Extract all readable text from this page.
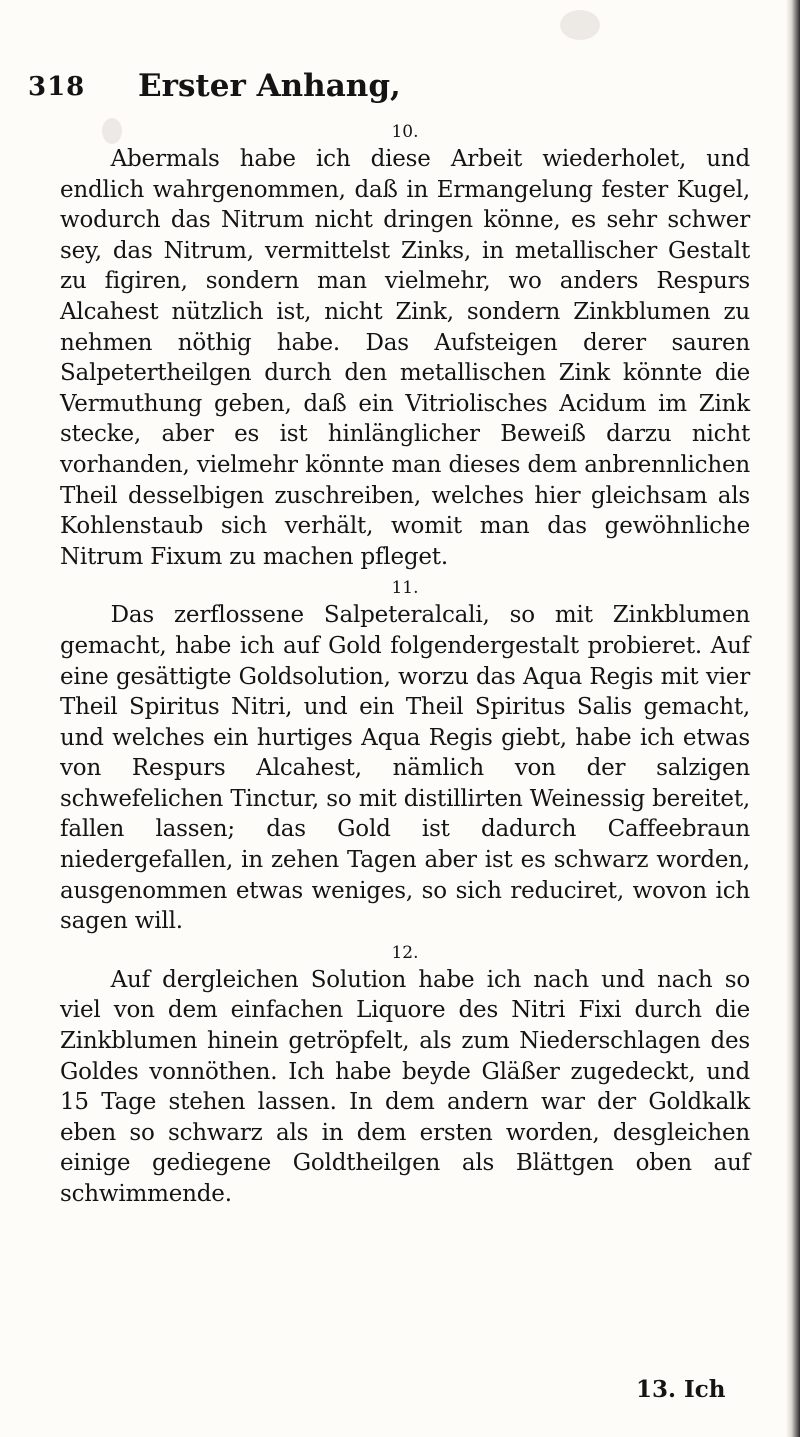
318 Erster Anhang,

10.

Abermals habe ich diese Arbeit wiederholet, und endlich wahrgenommen, daß in Ermangelung fester Kugel, wodurch das Nitrum nicht dringen könne, es sehr schwer sey, das Nitrum, vermittelst Zinks, in metallischer Gestalt zu figiren, sondern man vielmehr, wo anders Respurs Alcahest nützlich ist, nicht Zink, sondern Zinkblumen zu nehmen nöthig habe. Das Aufsteigen derer sauren Salpetertheilgen durch den metallischen Zink könnte die Vermuthung geben, daß ein Vitriolisches Acidum im Zink stecke, aber es ist hinlänglicher Beweiß darzu nicht vorhanden, vielmehr könnte man dieses dem anbrennlichen Theil desselbigen zuschreiben, welches hier gleichsam als Kohlenstaub sich verhält, womit man das gewöhnliche Nitrum Fixum zu machen pfleget.

11.

Das zerflossene Salpeteralcali, so mit Zinkblumen gemacht, habe ich auf Gold folgendergestalt probieret. Auf eine gesättigte Goldsolution, worzu das Aqua Regis mit vier Theil Spiritus Nitri, und ein Theil Spiritus Salis gemacht, und welches ein hurtiges Aqua Regis giebt, habe ich etwas von Respurs Alcahest, nämlich von der salzigen schwefelichen Tinctur, so mit distillirten Weinessig bereitet, fallen lassen; das Gold ist dadurch Caffeebraun niedergefallen, in zehen Tagen aber ist es schwarz worden, ausgenommen etwas weniges, so sich reduciret, wovon ich sagen will.

12.

Auf dergleichen Solution habe ich nach und nach so viel von dem einfachen Liquore des Nitri Fixi durch die Zinkblumen hinein getröpfelt, als zum Niederschlagen des Goldes vonnöthen. Ich habe beyde Gläßer zugedeckt, und 15 Tage stehen lassen. In dem andern war der Goldkalk eben so schwarz als in dem ersten worden, desgleichen einige gediegene Goldtheilgen als Blättgen oben auf schwimmende.

13. Ich
